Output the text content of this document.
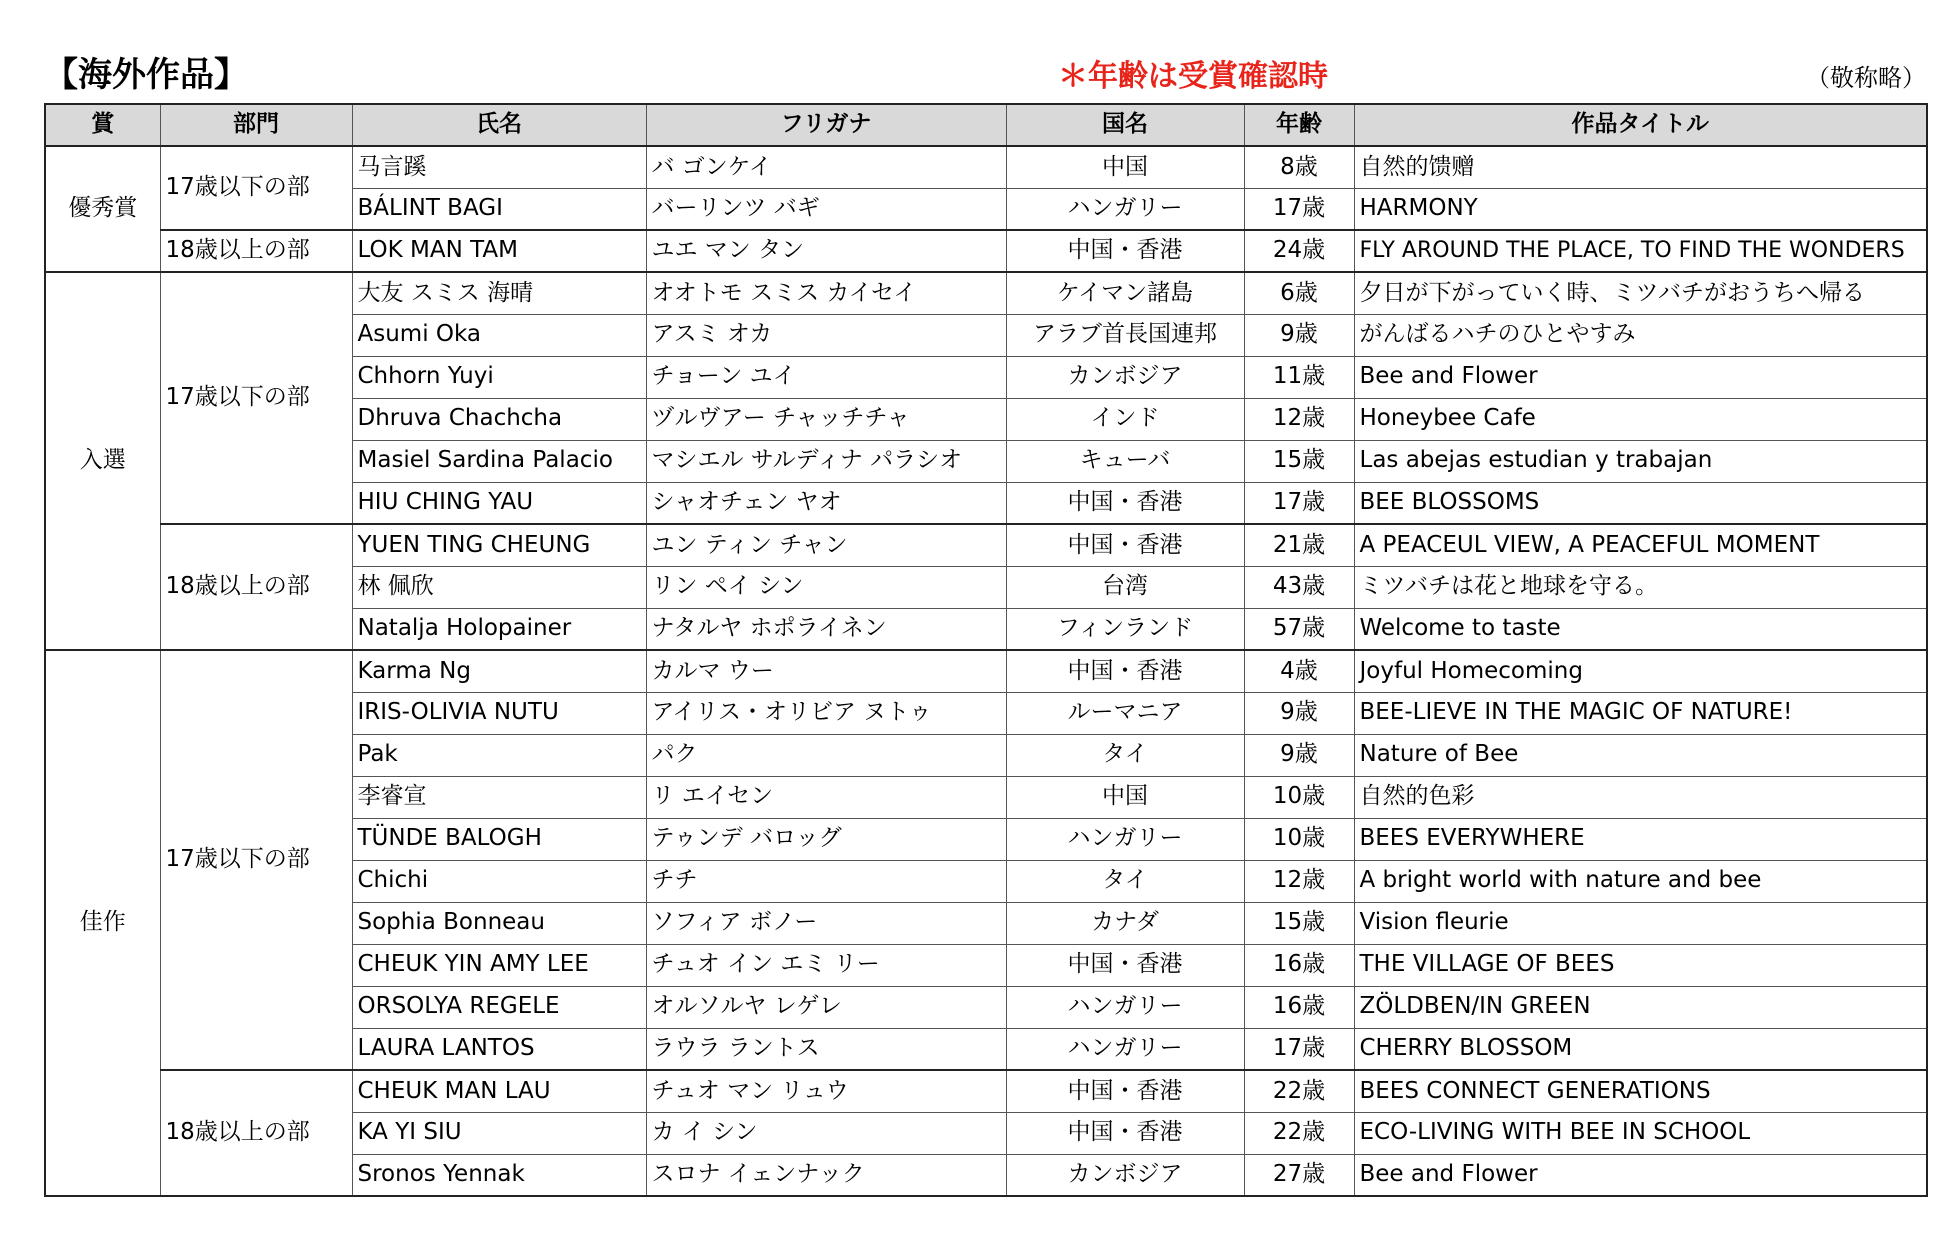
【海外作品】	＊年齢は受賞確認時	（敬称略）
賞	部門	氏名	フリガナ	国名	年齢	作品タイトル
優秀賞	17歳以下の部	马言蹊	バ ゴンケイ	中国	8歳	自然的馈赠
		BÁLINT BAGI	バーリンツ バギ	ハンガリー	17歳	HARMONY
	18歳以上の部	LOK MAN TAM	ユエ マン タン	中国・香港	24歳	FLY AROUND THE PLACE, TO FIND THE WONDERS
入選	17歳以下の部	大友 スミス 海晴	オオトモ スミス カイセイ	ケイマン諸島	6歳	夕日が下がっていく時、ミツバチがおうちへ帰る
		Asumi Oka	アスミ オカ	アラブ首長国連邦	9歳	がんばるハチのひとやすみ
		Chhorn Yuyi	チョーン ユイ	カンボジア	11歳	Bee and Flower
		Dhruva Chachcha	ヅルヴアー チャッチチャ	インド	12歳	Honeybee Cafe
		Masiel Sardina Palacio	マシエル サルディナ パラシオ	キューバ	15歳	Las abejas estudian y trabajan
		HIU CHING YAU	シャオチェン ヤオ	中国・香港	17歳	BEE BLOSSOMS
	18歳以上の部	YUEN TING CHEUNG	ユン ティン チャン	中国・香港	21歳	A PEACEUL VIEW, A PEACEFUL MOMENT
		林 佩欣	リン ペイ シン	台湾	43歳	ミツバチは花と地球を守る。
		Natalja Holopainer	ナタルヤ ホポライネン	フィンランド	57歳	Welcome to taste
佳作	17歳以下の部	Karma Ng	カルマ ウー	中国・香港	4歳	Joyful Homecoming
		IRIS-OLIVIA NUTU	アイリス・オリビア ヌトゥ	ルーマニア	9歳	BEE-LIEVE IN THE MAGIC OF NATURE!
		Pak	パク	タイ	9歳	Nature of Bee
		李睿宣	リ エイセン	中国	10歳	自然的色彩
		TÜNDE BALOGH	テゥンデ バロッグ	ハンガリー	10歳	BEES EVERYWHERE
		Chichi	チチ	タイ	12歳	A bright world with nature and bee
		Sophia Bonneau	ソフィア ボノー	カナダ	15歳	Vision fleurie
		CHEUK YIN AMY LEE	チュオ イン エミ リー	中国・香港	16歳	THE VILLAGE OF BEES
		ORSOLYA REGELE	オルソルヤ レゲレ	ハンガリー	16歳	ZÖLDBEN/IN GREEN
		LAURA LANTOS	ラウラ ラントス	ハンガリー	17歳	CHERRY BLOSSOM
	18歳以上の部	CHEUK MAN LAU	チュオ マン リュウ	中国・香港	22歳	BEES CONNECT GENERATIONS
		KA YI SIU	カ イ シン	中国・香港	22歳	ECO-LIVING WITH BEE IN SCHOOL
		Sronos Yennak	スロナ イェンナック	カンボジア	27歳	Bee and Flower
